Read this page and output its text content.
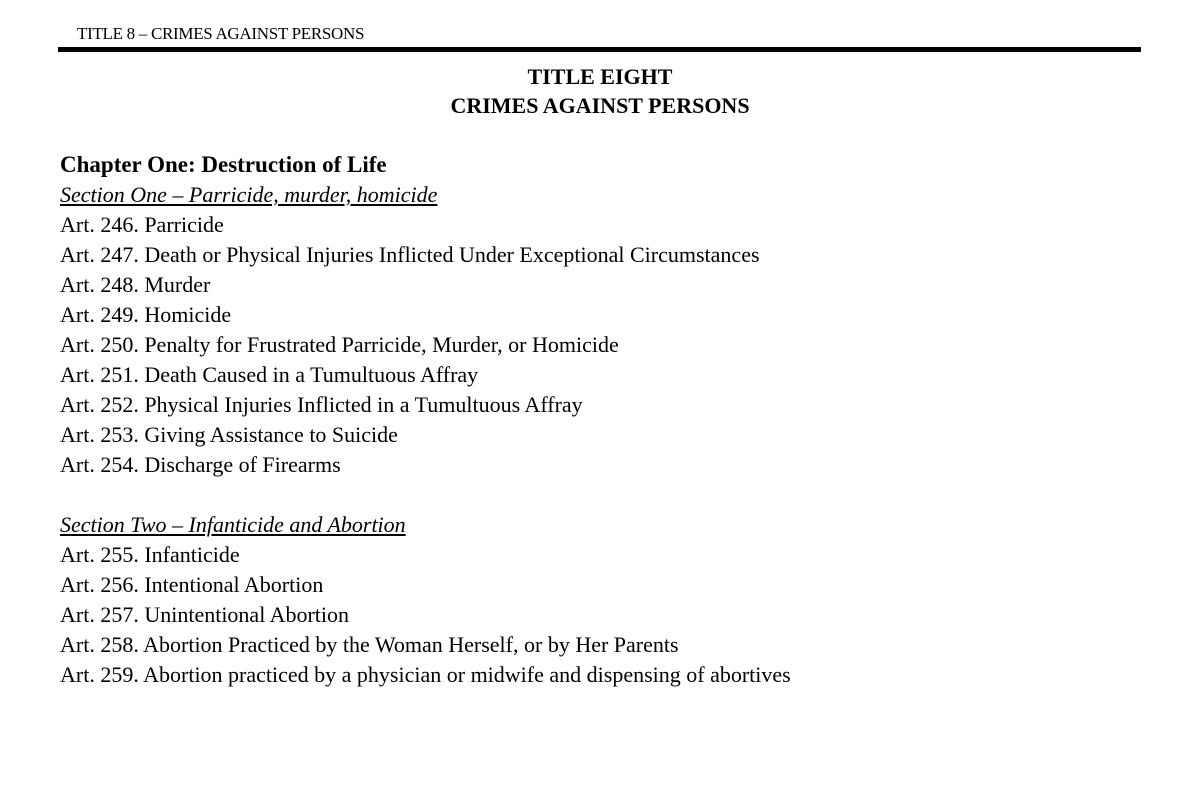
TITLE 8 – CRIMES AGAINST PERSONS
TITLE EIGHT
CRIMES AGAINST PERSONS
Chapter One: Destruction of Life
Section One – Parricide, murder, homicide
Art. 246. Parricide
Art. 247. Death or Physical Injuries Inflicted Under Exceptional Circumstances
Art. 248. Murder
Art. 249. Homicide
Art. 250. Penalty for Frustrated Parricide, Murder, or Homicide
Art. 251. Death Caused in a Tumultuous Affray
Art. 252. Physical Injuries Inflicted in a Tumultuous Affray
Art. 253. Giving Assistance to Suicide
Art. 254. Discharge of Firearms
Section Two – Infanticide and Abortion
Art. 255. Infanticide
Art. 256. Intentional Abortion
Art. 257. Unintentional Abortion
Art. 258. Abortion Practiced by the Woman Herself, or by Her Parents
Art. 259. Abortion practiced by a physician or midwife and dispensing of abortives
